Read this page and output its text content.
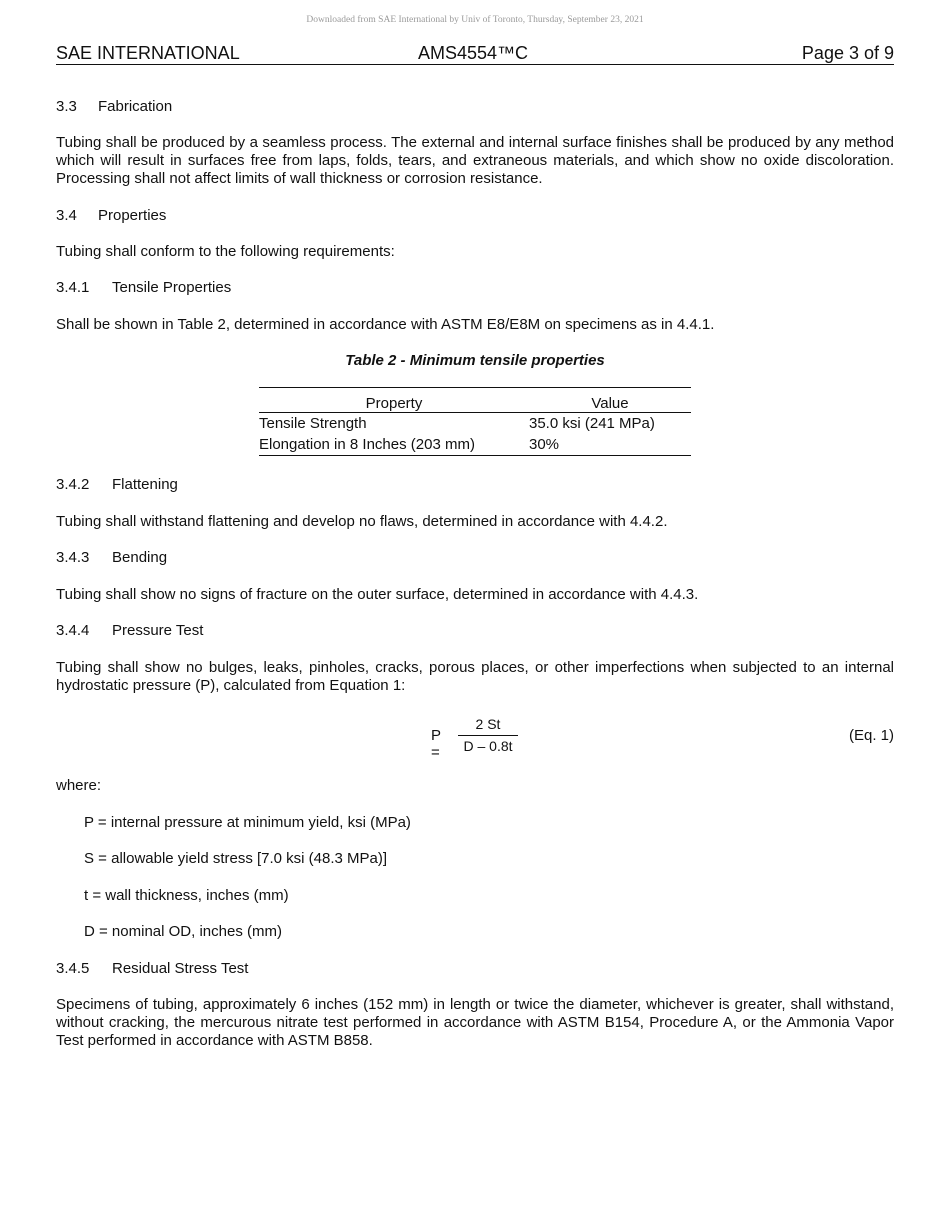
Downloaded from SAE International by Univ of Toronto, Thursday, September 23, 2021
SAE INTERNATIONAL	AMS4554™C	Page 3 of 9
3.3 Fabrication
Tubing shall be produced by a seamless process. The external and internal surface finishes shall be produced by any method which will result in surfaces free from laps, folds, tears, and extraneous materials, and which show no oxide discoloration. Processing shall not affect limits of wall thickness or corrosion resistance.
3.4 Properties
Tubing shall conform to the following requirements:
3.4.1 Tensile Properties
Shall be shown in Table 2, determined in accordance with ASTM E8/E8M on specimens as in 4.4.1.
Table 2 - Minimum tensile properties
Property	Value
Tensile Strength	35.0 ksi (241 MPa)
Elongation in 8 Inches (203 mm)	30%
3.4.2 Flattening
Tubing shall withstand flattening and develop no flaws, determined in accordance with 4.4.2.
3.4.3 Bending
Tubing shall show no signs of fracture on the outer surface, determined in accordance with 4.4.3.
3.4.4 Pressure Test
Tubing shall show no bulges, leaks, pinholes, cracks, porous places, or other imperfections when subjected to an internal hydrostatic pressure (P), calculated from Equation 1:
$P = \frac{2 St}{D - 0.8t}$	(Eq. 1)
where:
P = internal pressure at minimum yield, ksi (MPa)
S = allowable yield stress [7.0 ksi (48.3 MPa)]
t = wall thickness, inches (mm)
D = nominal OD, inches (mm)
3.4.5 Residual Stress Test
Specimens of tubing, approximately 6 inches (152 mm) in length or twice the diameter, whichever is greater, shall withstand, without cracking, the mercurous nitrate test performed in accordance with ASTM B154, Procedure A, or the Ammonia Vapor Test performed in accordance with ASTM B858.
